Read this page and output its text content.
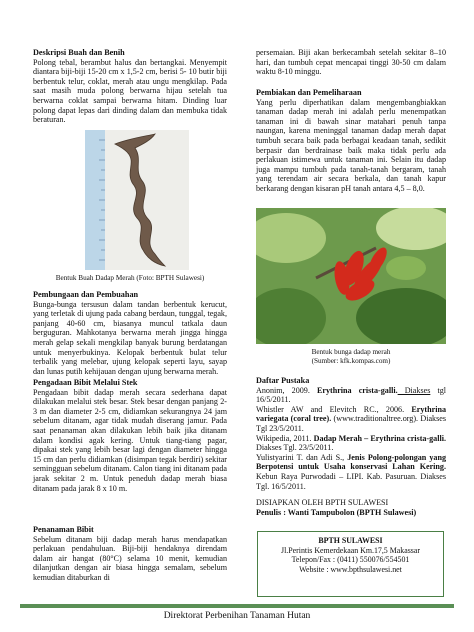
Deskripsi Buah dan Benih

Polong tebal, berambut halus dan bertangkai. Menyempit diantara biji-biji 15-20 cm x 1,5-2 cm, berisi 5- 10 butir biji berbentuk telur, coklat, merah atau ungu mengkilap. Pada saat masih muda polong berwarna hijau setelah tua berwarna coklat sampai berwarna hitam. Dinding luar polong dapat lepas dari dinding dalam dan membuka tidak beraturan.

Bentuk Buah Dadap Merah (Foto: BPTH Sulawesi)
Pembungaan dan Pembuahan

Bunga-bunga tersusun dalam tandan berbentuk kerucut, yang terletak di ujung pada cabang berdaun, tunggal, tegak, panjang 40-60 cm, biasanya muncul tatkala daun berguguran. Mahkotanya berwarna merah jingga hingga merah gelap sekali mengkilap banyak burung berdatangan untuk menyerbukinya. Kelopak berbentuk bulat telur terbalik yang melebar, ujung kelopak seperti layu, sayap dan lunas putih kehijauan dengan ujung berwarna merah.

Pengadaan Bibit Melalui Stek

Pengadaan bibit dadap merah secara sederhana dapat dilakukan melalui stek besar. Stek besar dengan panjang 2-3 m dan diameter 2-5 cm, didiamkan sekurangnya 24 jam sebelum ditanam, agar tidak mudah diserang jamur. Pada saat penanaman akan dilakukan lebih baik jika ditanam dalam kondisi agak kering. Untuk tiang-tiang pagar, dipakai stek yang lebih besar lagi dengan diameter hingga 15 cm dan perlu didiamkan (disimpan tegak berdiri) sekitar semingguan sebelum ditanam. Calon tiang ini ditanam pada jarak sekitar 2 m. Untuk peneduh dadap merah biasa ditanam pada jarak 8 x 10 m.

Penanaman Bibit

Sebelum ditanam biji dadap merah harus mendapatkan perlakuan pendahuluan. Biji-biji hendaknya direndam dalam air hangat (80°C) selama 10 menit, kemudian dilanjutkan dengan air biasa hingga semalam, sebelum kemudian ditaburkan di

persemaian. Biji akan berkecambah setelah sekitar 8–10 hari, dan tumbuh cepat mencapai tinggi 30-50 cm dalam waktu 8-10 minggu.

Pembiakan dan Pemeliharaan

Yang perlu diperhatikan dalam mengembangbiakkan tanaman dadap merah ini adalah perlu menempatkan tanaman ini di bawah sinar matahari penuh tanpa naungan, karena meninggal tanaman dadap merah dapat tumbuh secara baik pada berbagai keadaan tanah, sedikit berpasir dan berdrainase baik maka tidak perlu ada perlakuan istimewa untuk tanaman ini. Selain itu dadap juga mampu tumbuh pada tanah-tanah bergaram, tanah yang terendam air secara berkala, dan tanah kapur berkarang dengan kisaran pH tanah antara 4,5 – 8,0.

Bentuk bunga dadap merah
(Sumber: kfk.kompas.com)
Daftar Pustaka

Anonim, 2009. Erythrina crista-galli. Diakses tgl 16/5/2011.

Whistler AW and Elevitch RC., 2006. Erythrina variegata (coral tree). (www.traditionaltree.org). Diakses Tgl 23/5/2011.

Wikipedia, 2011. Dadap Merah – Erythrina crista-galli. Diakses Tgl. 23/5/2011.

Yulistyarini T. dan Adi S., Jenis Polong-polongan yang Berpotensi untuk Usaha konservasi Lahan Kering. Kebun Raya Purwodadi – LIPI. Kab. Pasuruan. Diakses Tgl. 16/5/2011.

DISIAPKAN OLEH BPTH SULAWESI
Penulis : Wanti Tampubolon (BPTH Sulawesi)
BPTH SULAWESI
Jl.Perintis Kemerdekaan Km.17,5 Makassar
Telepon/Fax : (0411) 550076/554501
Website : www.bpthsulawesi.net
Direktorat Perbenihan Tanaman Hutan
